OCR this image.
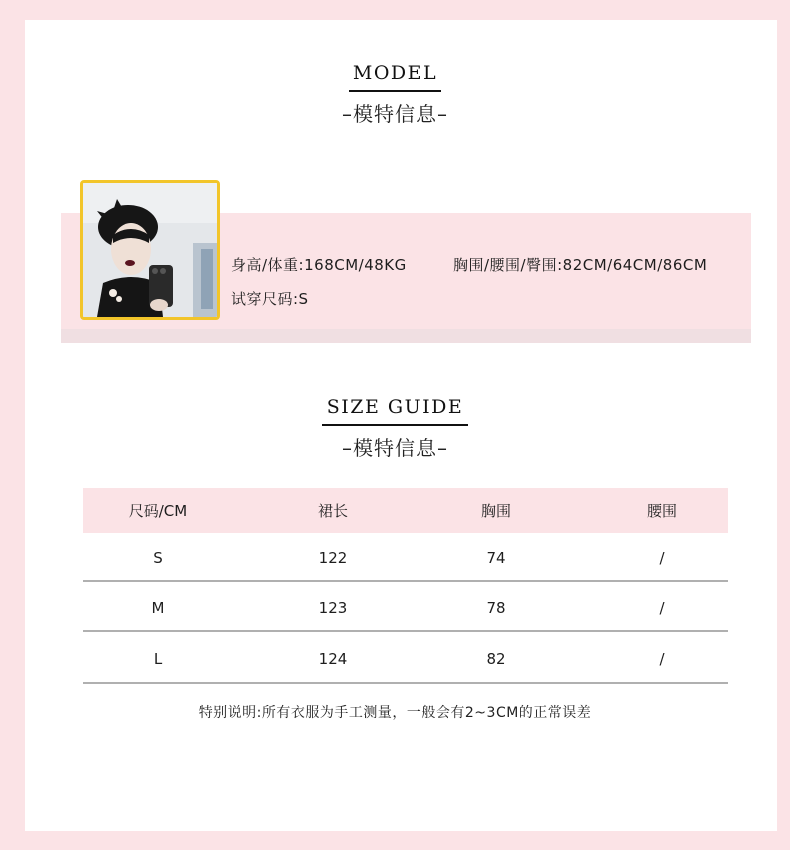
MODEL
–模特信息–
身高/体重:168CM/48KG	胸围/腰围/臀围:82CM/64CM/86CM
试穿尺码:S
SIZE GUIDE
–模特信息–
尺码/CM	裙长	胸围	腰围
S	122	74	/
M	123	78	/
L	124	82	/
特别说明:所有衣服为手工测量，一般会有2~3CM的正常误差
